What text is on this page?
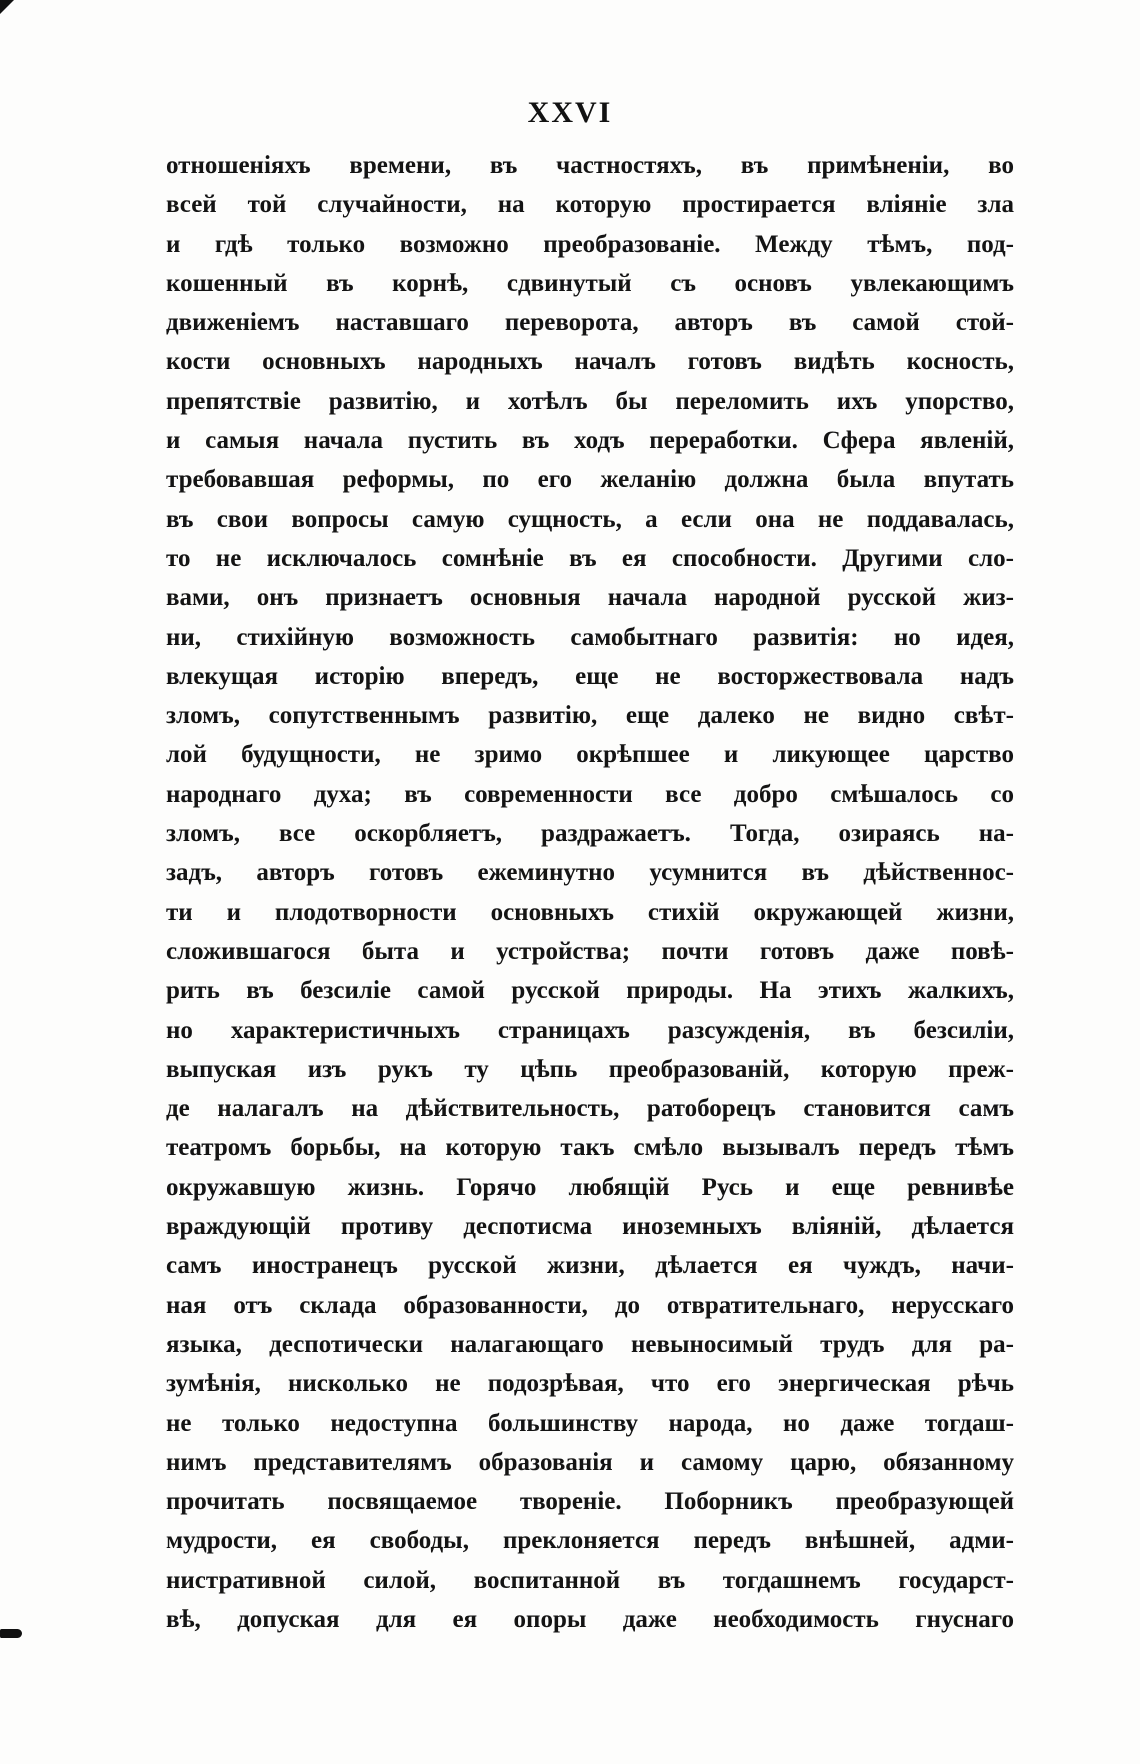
XXVI
отношеніяхъ времени, въ частностяхъ, въ примѣненіи, во
всей той случайности, на которую простирается вліяніе зла
и гдѣ только возможно преобразованіе. Между тѣмъ, под-
кошенный въ корнѣ, сдвинутый съ основъ увлекающимъ
движеніемъ наставшаго переворота, авторъ въ самой стой-
кости основныхъ народныхъ началъ готовъ видѣть косность,
препятствіе развитію, и хотѣлъ бы переломить ихъ упорство,
и самыя начала пустить въ ходъ переработки. Сфера явленій,
требовавшая реформы, по его желанію должна была впутать
въ свои вопросы самую сущность, а если она не поддавалась,
то не исключалось сомнѣніе въ ея способности. Другими сло-
вами, онъ признаетъ основныя начала народной русской жиз-
ни, стихійную возможность самобытнаго развитія: но идея,
влекущая исторію впередъ, еще не восторжествовала надъ
зломъ, сопутственнымъ развитію, еще далеко не видно свѣт-
лой будущности, не зримо окрѣпшее и ликующее царство
народнаго духа; въ современности все добро смѣшалось со
зломъ, все оскорбляетъ, раздражаетъ. Тогда, озираясь на-
задъ, авторъ готовъ ежеминутно усумнится въ дѣйственнос-
ти и плодотворности основныхъ стихій окружающей жизни,
сложившагося быта и устройства; почти готовъ даже повѣ-
рить въ безсиліе самой русской природы. На этихъ жалкихъ,
но характеристичныхъ страницахъ разсужденія, въ безсиліи,
выпуская изъ рукъ ту цѣпь преобразованій, которую преж-
де налагалъ на дѣйствительность, ратоборецъ становится самъ
театромъ борьбы, на которую такъ смѣло вызывалъ передъ тѣмъ
окружавшую жизнь. Горячо любящій Русь и еще ревнивѣе
враждующій противу деспотисма иноземныхъ вліяній, дѣлается
самъ иностранецъ русской жизни, дѣлается ея чуждъ, начи-
ная отъ склада образованности, до отвратительнаго, нерусскаго
языка, деспотически налагающаго невыносимый трудъ для ра-
зумѣнія, нисколько не подозрѣвая, что его энергическая рѣчь
не только недоступна большинству народа, но даже тогдаш-
нимъ представителямъ образованія и самому царю, обязанному
прочитать посвящаемое твореніе. Поборникъ преобразующей
мудрости, ея свободы, преклоняется передъ внѣшней, адми-
нистративной силой, воспитанной въ тогдашнемъ государст-
вѣ, допуская для ея опоры даже необходимость гнуснаго
